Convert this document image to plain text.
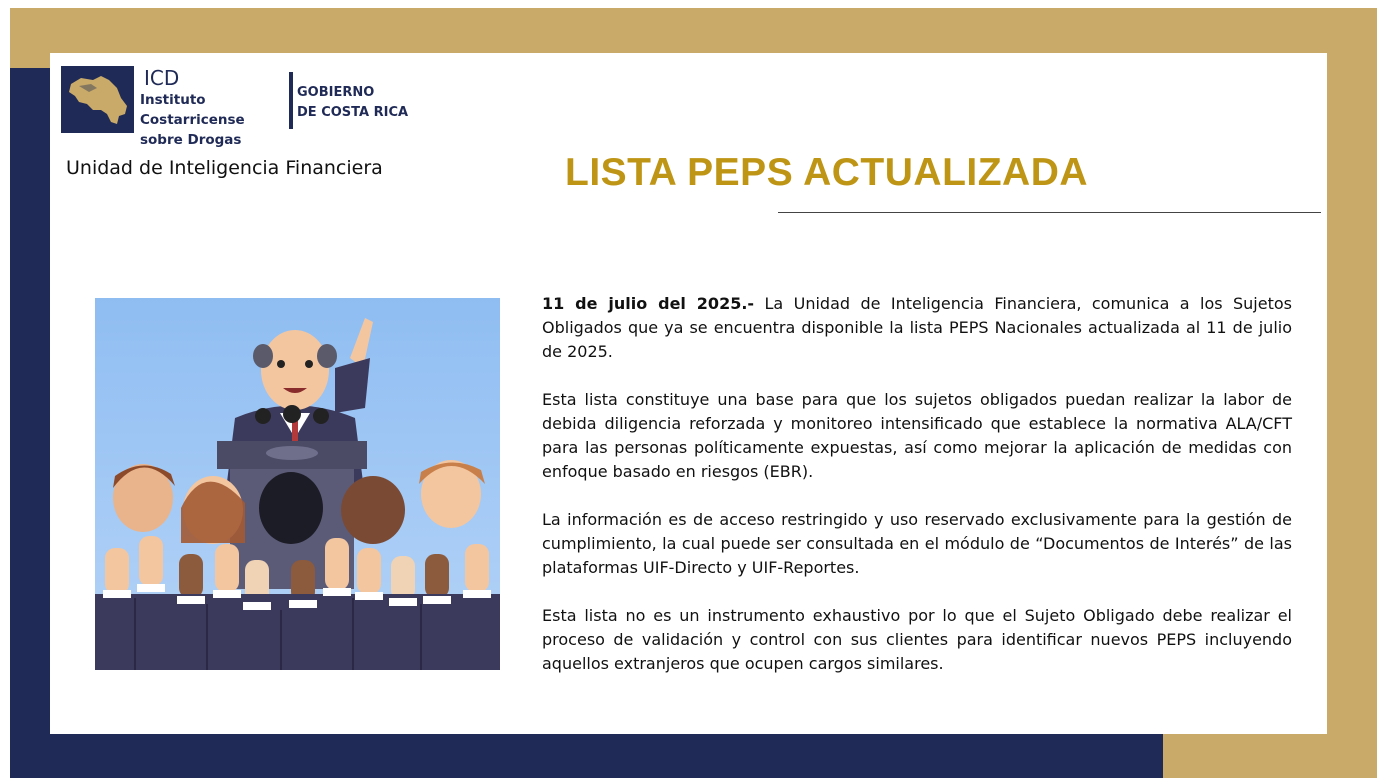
ICD
Instituto
Costarricense
sobre Drogas
GOBIERNO
DE COSTA RICA
Unidad de Inteligencia Financiera	LISTA PEPS ACTUALIZADA

11 de julio del 2025.- La Unidad de Inteligencia Financiera, comunica a los Sujetos Obligados que ya se encuentra disponible la lista PEPS Nacionales actualizada al 11 de julio de 2025.

Esta lista constituye una base para que los sujetos obligados puedan realizar la labor de debida diligencia reforzada y monitoreo intensificado que establece la normativa ALA/CFT para las personas políticamente expuestas, así como mejorar la aplicación de medidas con enfoque basado en riesgos (EBR).

La información es de acceso restringido y uso reservado exclusivamente para la gestión de cumplimiento, la cual puede ser consultada en el módulo de “Documentos de Interés” de las plataformas UIF-Directo y UIF-Reportes.

Esta lista no es un instrumento exhaustivo por lo que el Sujeto Obligado debe realizar el proceso de validación y control con sus clientes para identificar nuevos PEPS incluyendo aquellos extranjeros que ocupen cargos similares.
